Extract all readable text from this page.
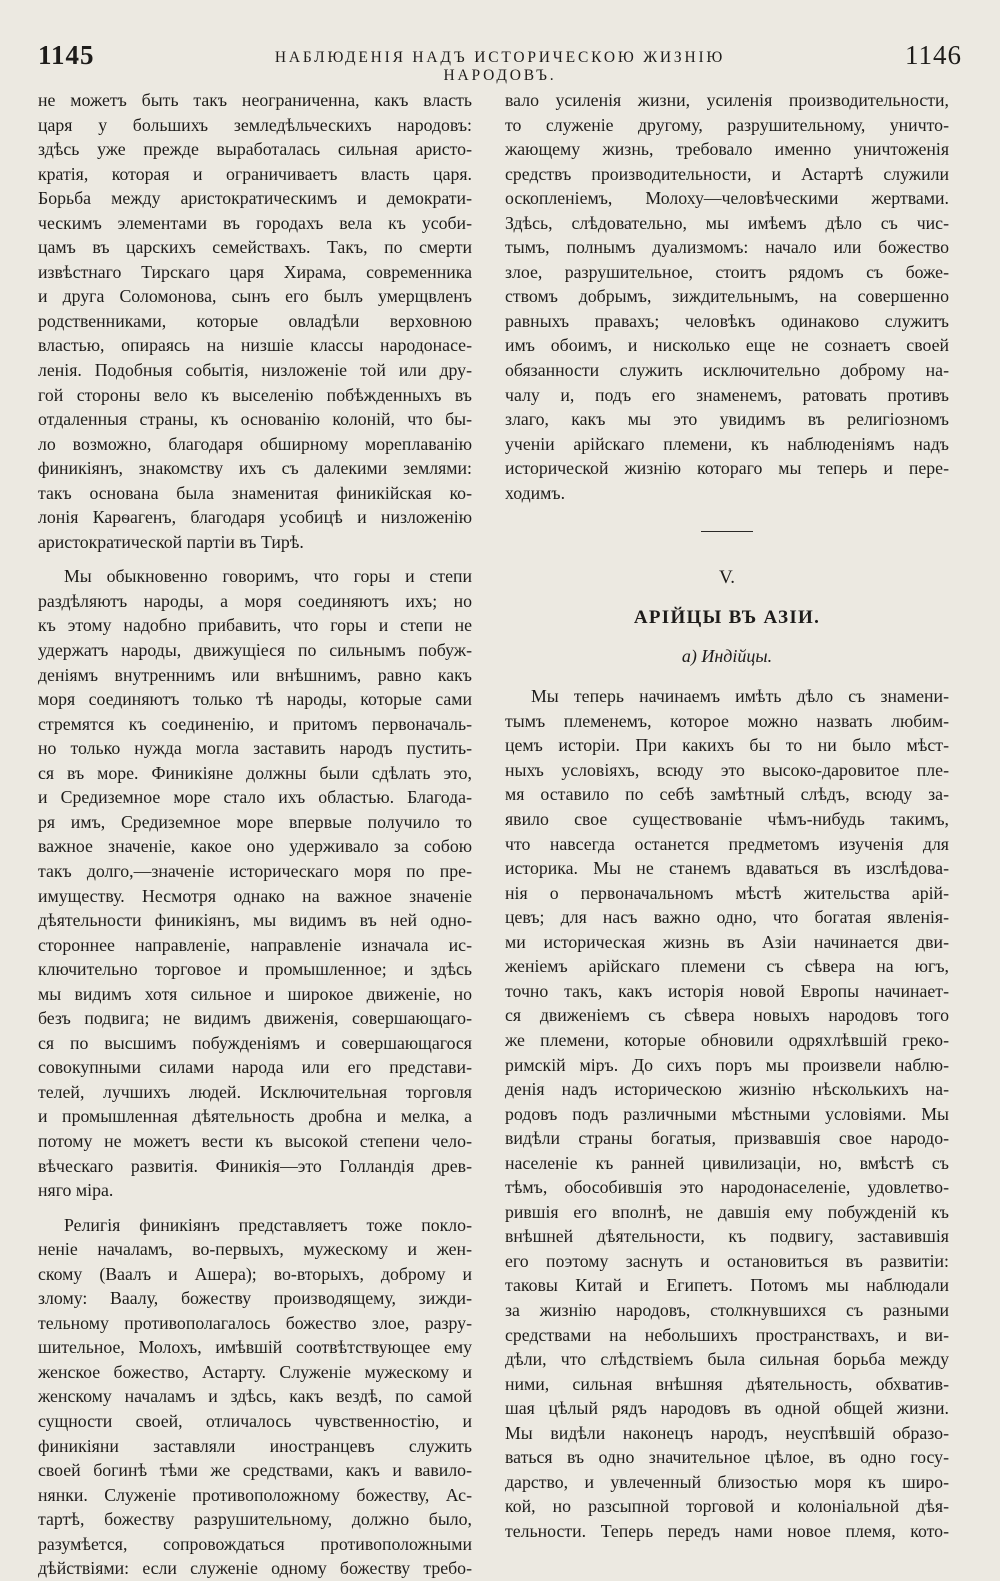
1145	НАБЛЮДЕНІЯ НАДЪ ИСТОРИЧЕСКОЮ ЖИЗНІЮ НАРОДОВЪ.
1146
не можетъ быть такъ неограниченна, какъ власть
царя у большихъ земледѣльческихъ народовъ:
здѣсь уже прежде выработалась сильная аристо-
кратія, которая и ограничиваетъ власть царя.
Борьба между аристократическимъ и демократи-
ческимъ элементами въ городахъ вела къ усоби-
цамъ въ царскихъ семействахъ. Такъ, по смерти
извѣстнаго Тирскаго царя Хирама, современника
и друга Соломонова, сынъ его былъ умерщвленъ
родственниками, которые овладѣли верховною
властью, опираясь на низшіе классы народонасе-
ленія. Подобныя событія, низложеніе той или дру-
гой стороны вело къ выселенію побѣжденныхъ въ
отдаленныя страны, къ основанію колоній, что бы-
ло возможно, благодаря обширному мореплаванію
финикіянъ, знакомству ихъ съ далекими землями:
такъ основана была знаменитая финикійская ко-
лонія Карѳагенъ, благодаря усобицѣ и низложенію
аристократической партіи въ Тирѣ.
Мы обыкновенно говоримъ, что горы и степи
раздѣляютъ народы, а моря соединяютъ ихъ; но
къ этому надобно прибавить, что горы и степи не
удержатъ народы, движущіеся по сильнымъ побуж-
деніямъ внутреннимъ или внѣшнимъ, равно какъ
моря соединяютъ только тѣ народы, которые сами
стремятся къ соединенію, и притомъ первоначаль-
но только нужда могла заставить народъ пустить-
ся въ море. Финикіяне должны были сдѣлать это,
и Средиземное море стало ихъ областью. Благода-
ря имъ, Средиземное море впервые получило то
важное значеніе, какое оно удерживало за собою
такъ долго,—значеніе историческаго моря по пре-
имуществу. Несмотря однако на важное значеніе
дѣятельности финикіянъ, мы видимъ въ ней одно-
стороннее направленіе, направленіе изначала ис-
ключительно торговое и промышленное; и здѣсь
мы видимъ хотя сильное и широкое движеніе, но
безъ подвига; не видимъ движенія, совершающаго-
ся по высшимъ побужденіямъ и совершающагося
совокупными силами народа или его представи-
телей, лучшихъ людей. Исключительная торговля
и промышленная дѣятельность дробна и мелка, а
потому не можетъ вести къ высокой степени чело-
вѣческаго развитія. Финикія—это Голландія древ-
няго міра.
Религія финикіянъ представляетъ тоже покло-
неніе началамъ, во-первыхъ, мужескому и жен-
скому (Ваалъ и Ашера); во-вторыхъ, доброму и
злому: Ваалу, божеству производящему, зижди-
тельному противополагалось божество злое, разру-
шительное, Молохъ, имѣвшій соотвѣтствующее ему
женское божество, Астарту. Служеніе мужескому и
женскому началамъ и здѣсь, какъ вездѣ, по самой
сущности своей, отличалось чувственностію, и
финикіяни заставляли иностранцевъ служить
своей богинѣ тѣми же средствами, какъ и вавило-
нянки. Служеніе противоположному божеству, Ас-
тартѣ, божеству разрушительному, должно было,
разумѣется, сопровождаться противоположными
дѣйствіями: если служеніе одному божеству требо-
вало усиленія жизни, усиленія производительности,
то служеніе другому, разрушительному, уничто-
жающему жизнь, требовало именно уничтоженія
средствъ производительности, и Астартѣ служили
оскопленіемъ, Молоху—человѣческими жертвами.
Здѣсь, слѣдовательно, мы имѣемъ дѣло съ чис-
тымъ, полнымъ дуализмомъ: начало или божество
злое, разрушительное, стоитъ рядомъ съ боже-
ствомъ добрымъ, зиждительнымъ, на совершенно
равныхъ правахъ; человѣкъ одинаково служитъ
имъ обоимъ, и нисколько еще не сознаетъ своей
обязанности служить исключительно доброму на-
чалу и, подъ его знаменемъ, ратовать противъ
злаго, какъ мы это увидимъ въ религіозномъ
ученіи арійскаго племени, къ наблюденіямъ надъ
исторической жизнію котораго мы теперь и пере-
ходимъ.
V.
АРІЙЦЫ ВЪ АЗІИ.
а) Индійцы.
Мы теперь начинаемъ имѣть дѣло съ знамени-
тымъ племенемъ, которое можно назвать любим-
цемъ исторіи. При какихъ бы то ни было мѣст-
ныхъ условіяхъ, всюду это высоко-даровитое пле-
мя оставило по себѣ замѣтный слѣдъ, всюду за-
явило свое существованіе чѣмъ-нибудь такимъ,
что навсегда останется предметомъ изученія для
историка. Мы не станемъ вдаваться въ изслѣдова-
нія о первоначальномъ мѣстѣ жительства арій-
цевъ; для насъ важно одно, что богатая явленія-
ми историческая жизнь въ Азіи начинается дви-
женіемъ арійскаго племени съ сѣвера на югъ,
точно такъ, какъ исторія новой Европы начинает-
ся движеніемъ съ сѣвера новыхъ народовъ того
же племени, которые обновили одряхлѣвшій греко-
римскій міръ. До сихъ поръ мы произвели наблю-
денія надъ историческою жизнію нѣсколькихъ на-
родовъ подъ различными мѣстными условіями. Мы
видѣли страны богатыя, призвавшія свое народо-
населеніе къ ранней цивилизаціи, но, вмѣстѣ съ
тѣмъ, обособившія это народонаселеніе, удовлетво-
рившія его вполнѣ, не давшія ему побужденій къ
внѣшней дѣятельности, къ подвигу, заставившія
его поэтому заснуть и остановиться въ развитіи:
таковы Китай и Египетъ. Потомъ мы наблюдали
за жизнію народовъ, столкнувшихся съ разными
средствами на небольшихъ пространствахъ, и ви-
дѣли, что слѣдствіемъ была сильная борьба между
ними, сильная внѣшняя дѣятельность, обхватив-
шая цѣлый рядъ народовъ въ одной общей жизни.
Мы видѣли наконецъ народъ, неуспѣвшій образо-
ваться въ одно значительное цѣлое, въ одно госу-
дарство, и увлеченный близостью моря къ широ-
кой, но разсыпной торговой и колоніальной дѣя-
тельности. Теперь передъ нами новое племя, кото-
